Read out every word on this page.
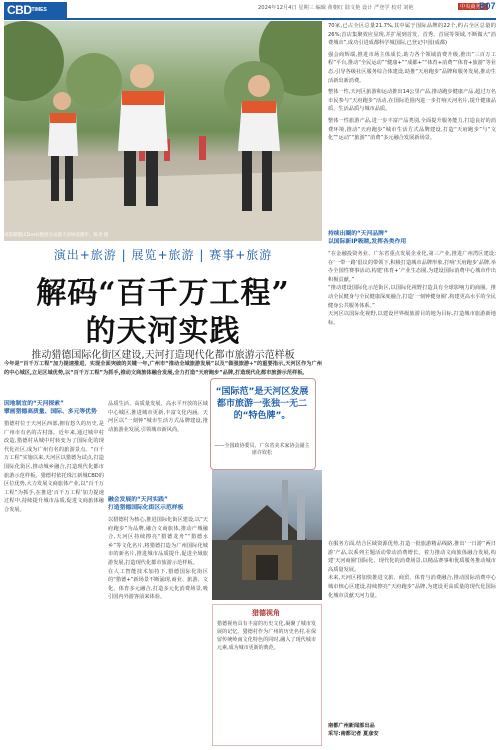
$CBD^{TIMES}$	2024年12月4日 星期三 编辑 黄朝红 陆文艳 设计 严登学 校对 刘艳	中央商务区
B07
成都猫猫(CDnet)跑团在成都天府绿道跑步。陈尧 摄

70家,已占全区总量21.7%,其中属于国际品牌的22个,约占全区总量的26%;首店集聚效应显现,并扩展到首发、首秀、首展等领域,不断做大“消费城市”,成功引进成都科学城国际,已登记中国(成都)

强会商辉端,推进市场主体成长,助力各个领域消费升级,推出“三百万工程”平台,推动“全民运动”“健康+”“成都+”“体育+消费”“体育+旅游”等业态,引导各级社区服务综合体建设,助推“天府跑步”品牌和服务发展,推动生活新出新消费。

整体一性,天河区旅游和运动推出14公里产品,推动跑步健康产品,超过万名市民参与“天府跑步”活动,在国际范围内进一步打响天河名片,提升健康品质、生活品质与城市品质。

整体一性旅游产品,进一步丰富产品类别,全面提升服务能力,打造良好的消费环境,推动“天府跑步”城市生活方式品牌建设,打造“天府跑步”与“文化”“运动”“旅游”“消费”多元融合发展新场景。

持续出圈的“天河品牌”
以国际新IP吸睛,发挥各类作用
“在金融投资务业、广东省重点发展企业化,第三产业,推进广州湾区建设;在‘一带一路’倡议的带领下,积极打造城市品牌形象,打响‘天府跑步’品牌,举办全国性赛事活动,构建‘体育+’产业生态圈,为建设国际消费中心城市作出积极贡献。”
“推动建设国际化示范街区,以国际化视野打造具有全球影响力的商圈。推动全民健身与全民健康深度融合,打造‘一刻钟健身圈’,构建更高水平的全民健身公共服务体系。”
天河区以国际化视野,以建设世界级旅游目的地为目标,打造城市旅游新地标。
在服务方面,结合区域资源优势,打造一批旅游精品线路,推出‘一日游’‘两日游’产品,以系列主题活动带动消费增长。着力推动文商旅体融合发展,构建‘天河商圈’国际化、现代化的消费场景,以精品赛事和优质服务推动城市高质量发展。
未来,天河区将加快推进文旅、商贸、体育与消费融合,推动国际消费中心城市核心区建设,持续擦亮“天府跑步”品牌,为建设更高质量的现代化国际化城市贡献天河力量。
南都广州新闻部出品
采写:南都记者 夏彦安
演出+旅游 | 展览+旅游 | 赛事+旅游
解码“百千万工程”
的天河实践
推动猎德国际化街区建设,天河打造现代化都市旅游示范样板
今年是“百千万工程”加力提速推进、实现全面突破的关键一年,广州市“推动全域旅游发展”以及“做强旅游+”的重要指示,天河区作为广州的中心城区,立足区域优势,以“百千万工程”为抓手,推动文商旅体融合发展,全力打造“天府跑步”品牌,打造现代化都市旅游示范样板。
因地制宜的“天河探索”
擘画猎德高质量、国际、多元等优势
猎德村位于天河区西部,拥有悠久的历史,是广州市有名的古村落。近年来,通过城中村改造,猎德村从城中村转变为了国际化的现代化社区,成为广州有名的旅游景点。“百千万工程”实施以来,天河区以猎德为试点,打造国际化街区,推动城乡融合,打造现代化都市旅游示范样板。猎德村依托珠江新城CBD的区位优势,大力发展文商旅体产业,以“百千万工程”为抓手,在推进‘百千万工程’加力提速过程中,持续提升城市品质,促进文商旅体融合发展。
品质生活、高质量发展、高水平开放的区域中心城区,推进城市更新,丰富文化内涵。天河区以“一刻钟”城市生活方式品牌建设,推动旅游业发展,引领城市新风尚。
融会发展的“天河实践”
打造猎德国际化街区示范样板
以猎德村为核心,推进国际化街区建设,以“天府跑步”为品牌,融合文商旅体,推动产城融合,天河区持续擦亮“猎德龙舟”“猎德水乡”等文化名片,将猎德打造为广州国际化城市的新名片,推进城市品质提升,促进全域旅游发展,打造现代化都市旅游示范样板。
在人工智能技术加持下,猎德国际化街区的“猎德+”新场景不断涌现,商业、旅游、文化、体育多元融合,打造多元化消费场景,吸引国内外游客前来体验。
“国际范”是天河区发展都市旅游一张独一无二的“特色牌”。
——全国政协委员、广东省美术家协会副主席许钦松
猎德视角
猎德视角具有丰富的历史文化,凝聚了城市发展的记忆。猎德村作为广州的历史名村,在保留传统岭南文化特色的同时,融入了现代城市元素,成为城市更新的典范。
